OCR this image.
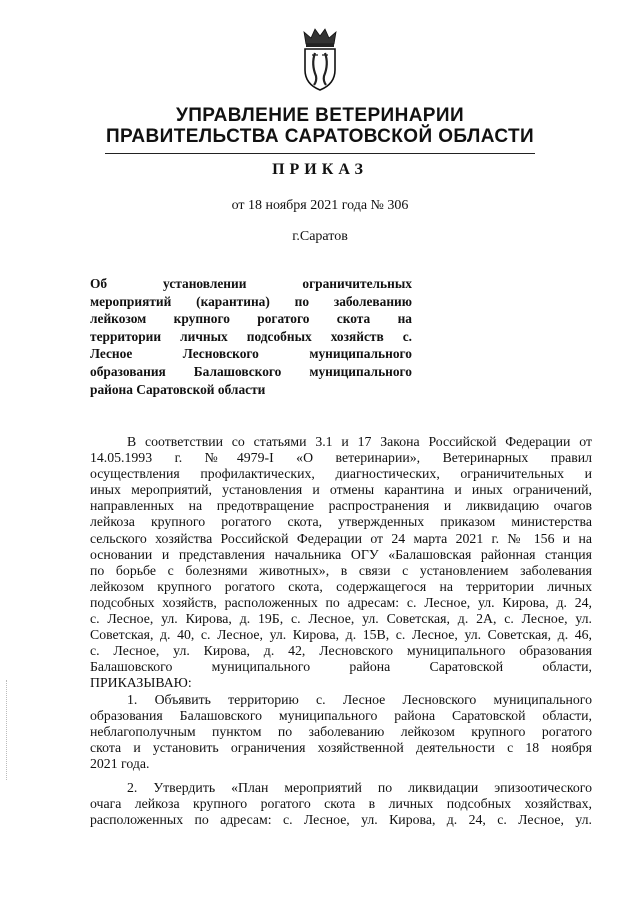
УПРАВЛЕНИЕ ВЕТЕРИНАРИИ
ПРАВИТЕЛЬСТВА САРАТОВСКОЙ ОБЛАСТИ
ПРИКАЗ
от 18 ноября 2021 года № 306
г.Саратов
Об установлении ограничительных
мероприятий (карантина) по заболеванию
лейкозом крупного рогатого скота на
территории личных подсобных хозяйств с.
Лесное Лесновского муниципального
образования Балашовского муниципального
района Саратовской области
В соответствии со статьями 3.1 и 17 Закона Российской Федерации от
14.05.1993 г. №4979-I «О ветеринарии», Ветеринарных правил
осуществления профилактических, диагностических, ограничительных и
иных мероприятий, установления и отмены карантина и иных ограничений,
направленных на предотвращение распространения и ликвидацию очагов
лейкоза крупного рогатого скота, утвержденных приказом министерства
сельского хозяйства Российской Федерации от 24 марта 2021 г. № 156 и на
основании и представления начальника ОГУ «Балашовская районная станция
по борьбе с болезнями животных», в связи с установлением заболевания
лейкозом крупного рогатого скота, содержащегося на территории личных
подсобных хозяйств, расположенных по адресам: с. Лесное, ул. Кирова, д. 24,
с. Лесное, ул. Кирова, д. 19Б, с. Лесное, ул. Советская, д. 2А, с. Лесное, ул.
Советская, д. 40, с. Лесное, ул. Кирова, д. 15В, с. Лесное, ул. Советская, д. 46,
с. Лесное, ул. Кирова, д. 42, Лесновского муниципального образования
Балашовского муниципального района Саратовской области,
ПРИКАЗЫВАЮ:
1. Объявить территорию с. Лесное Лесновского муниципального
образования Балашовского муниципального района Саратовской области,
неблагополучным пунктом по заболеванию лейкозом крупного рогатого
скота и установить ограничения хозяйственной деятельности с 18 ноября
2021 года.
2. Утвердить «План мероприятий по ликвидации эпизоотического
очага лейкоза крупного рогатого скота в личных подсобных хозяйствах,
расположенных по адресам: с. Лесное, ул. Кирова, д. 24, с. Лесное, ул.
